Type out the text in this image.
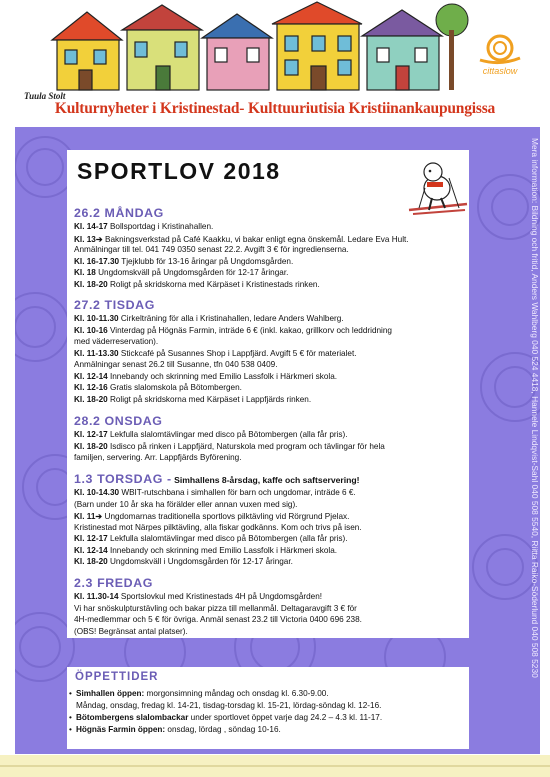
cittaslow
Tuula Stolt
Kulturnyheter i Kristinestad- Kulttuuriutisia Kristiinankaupungissa
Mera information: Bildning och fritid, Anders Wahlberg 040 524 4418, Hannele Lindqvist-Sahl 040 508 5540, Riitta Raiko-Söderlund 040 508 5230
SPORTLOV 2018
26.2 MÅNDAG
Kl. 14-17 Bollsportdag i Kristinahallen.
Kl. 13➔ Bakningsverkstad på Café Kaakku, vi bakar enligt egna önskemål. Ledare Eva Hult.
Anmälningar till tel. 041 749 0350 senast 22.2. Avgift 3 € för ingredienserna.
Kl. 16-17.30 Tjejklubb för 13-16 åringar på Ungdomsgården.
Kl. 18 Ungdomskväll på Ungdomsgården för 12-17 åringar.
Kl. 18-20 Roligt på skridskorna med Kärpäset i Kristinestads rinken.
27.2 TISDAG
Kl. 10-11.30 Cirkelträning för alla i Kristinahallen, ledare Anders Wahlberg.
Kl. 10-16 Vinterdag på Högnäs Farmin, inträde 6 € (inkl. kakao, grillkorv och leddridning
med väderreservation).
Kl. 11-13.30 Stickcafé på Susannes Shop i Lappfjärd. Avgift 5 € för materialet.
Anmälningar senast 26.2 till Susanne, tfn 040 538 0409.
Kl. 12-14 Innebandy och skrinning med Emilio Lassfolk i Härkmeri skola.
Kl. 12-16 Gratis slalomskola på Bötombergen.
Kl. 18-20 Roligt på skridskorna med Kärpäset i Lappfjärds rinken.
28.2 ONSDAG
Kl. 12-17 Lekfulla slalomtävlingar med disco på Bötombergen (alla får pris).
Kl. 18-20 Isdisco på rinken i Lappfjärd, Naturskola med program och tävlingar för hela
familjen, servering. Arr. Lappfjärds Byförening.
1.3 TORSDAG - Simhallens 8-årsdag, kaffe och saftservering!
Kl. 10-14.30 WBIT-rutschbana i simhallen för barn och ungdomar, inträde 6 €.
(Barn under 10 år ska ha förälder eller annan vuxen med sig).
Kl. 11➔ Ungdomarnas traditionella sportlovs pilktävling vid Rörgrund Pjelax.
Kristinestad mot Närpes pilktävling, alla fiskar godkänns. Kom och trivs på isen.
Kl. 12-17 Lekfulla slalomtävlingar med disco på Bötombergen (alla får pris).
Kl. 12-14 Innebandy och skrinning med Emilio Lassfolk i Härkmeri skola.
Kl. 18-20 Ungdomskväll i Ungdomsgården för 12-17 åringar.
2.3 FREDAG
Kl. 11.30-14 Sportslovkul med Kristinestads 4H på Ungdomsgården!
Vi har snöskulpturstävling och bakar pizza till mellanmål. Deltagaravgift 3 € för
4H-medlemmar och 5 € för övriga. Anmäl senast 23.2 till Victoria 0400 696 238.
(OBS! Begränsat antal platser).
ÖPPETTIDER
• Simhallen öppen: morgonsimning måndag och onsdag kl. 6.30-9.00.
Måndag, onsdag, fredag kl. 14-21, tisdag-torsdag kl. 15-21, lördag-söndag kl. 12-16.
• Bötombergens slalombackar under sportlovet öppet varje dag 24.2 – 4.3 kl. 11-17.
• Högnäs Farmin öppen: onsdag, lördag , söndag 10-16.
